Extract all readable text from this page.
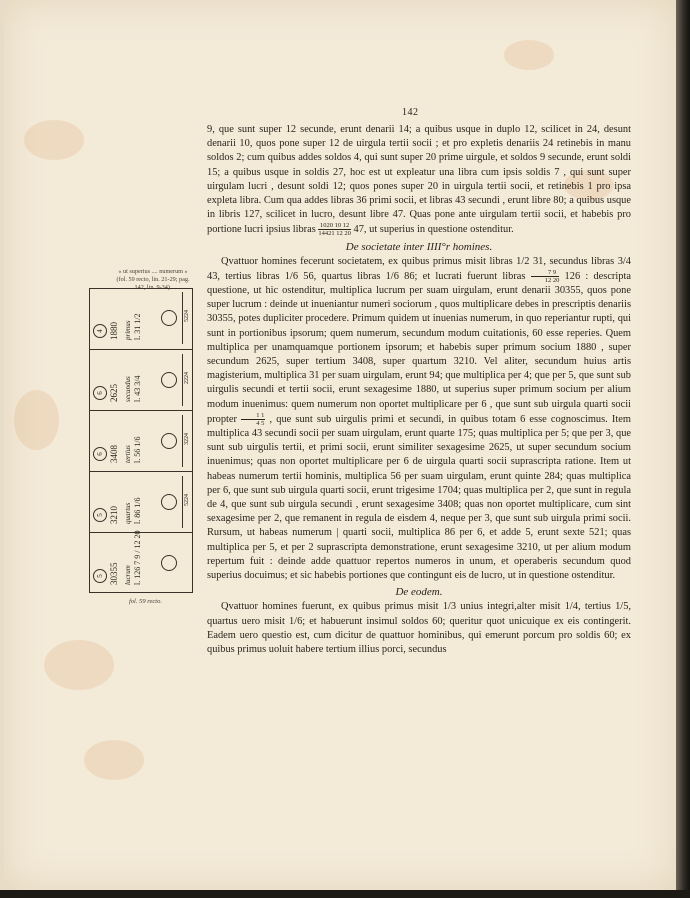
142
« ut superius .... numerum » (fol. 59 recto, lin. 21-29; pag. 142, lin. 9-34).
4 1880 primus l. 31 1/2	5224
6 2625 secundus l. 43 3/4	2224
6 3408 tertius l. 56 1/6	3224
5 3210 quartus l. 86 1/6	5224
5 30355 lucrum l. 126 7 9 / 12 20
fol. 59 recto.

9, que sunt super 12 secunde, erunt denarii 14; a quibus usque in duplo 12, scilicet in 24, desunt denarii 10, quos pone super 12 de uirgula tertii socii ; et pro expletis denariis 24 retinebis in manu soldos 2; cum quibus addes soldos 4, qui sunt super 20 prime uirgule, et soldos 9 secunde, erunt soldi 15; a quibus usque in soldis 27, hoc est ut expleatur una libra cum ipsis soldis 7 , qui sunt super uirgulam lucri , desunt soldi 12; quos pones super 20 in uirgula tertii socii, et retinebis 1 pro ipsa expleta libra. Cum qua addes libras 36 primi socii, et libras 43 secundi , erunt libre 80; a quibus usque in libris 127, scilicet in lucro, desunt libre 47. Quas pone ante uirgulam tertii socii, et habebis pro portione lucri ipsius libras $\frac{1020 10 12}{14421 12 20} 47$, ut superius in questione ostenditur.

De societate inter IIII°r homines.

Qvattuor homines fecerunt societatem, ex quibus primus misit libras 1/2 31, secundus libras 3/4 43, tertius libras 1/6 56, quartus libras 1/6 86; et lucrati fuerunt libras $\frac{7 9}{12 20} 126$ : descripta questione, ut hic ostenditur, multiplica lucrum per suam uirgulam, erunt denarii 30355, quos pone super lucrum : deinde ut inueniantur numeri sociorum , quos multiplicare debes in prescriptis denariis 30355, potes dupliciter procedere. Primum quidem ut inuenias numerum, in quo reperiantur rupti, qui sunt in portionibus ipsorum; quem numerum, secundum modum cuitationis, 60 esse reperies. Quem multiplica per unamquamque portionem ipsorum; et habebis super primum socium 1880 , super secundum 2625, super tertium 3408, super quartum 3210. Vel aliter, secundum huius artis magisterium, multiplica 31 per suam uirgulam, erunt 94; que multiplica per 4; que per 5, que sunt sub uirgulis secundi et tertii socii, erunt sexagesime 1880, ut superius super primum socium per alium modum inuenimus: quem numerum non oportet multiplicare per 6 , que sunt sub uirgula quarti socii propter $\frac{1 1}{4 5}$ , que sunt sub uirgulis primi et secundi, in quibus totam 6 esse cognoscimus. Item multiplica 43 secundi socii per suam uirgulam, erunt quarte 175; quas multiplica per 5; que per 3, que sunt sub uirgulis tertii, et primi socii, erunt similiter sexagesime 2625, ut super secundum socium inuenimus; quas non oportet multiplicare per 6 de uirgula quarti socii suprascripta ratione. Item ut habeas numerum tertii hominis, multiplica 56 per suam uirgulam, erunt quinte 284; quas multiplica per 6, que sunt sub uirgula quarti socii, erunt trigesime 1704; quas multiplica per 2, que sunt in regula de 4, que sunt sub uirgula secundi , erunt sexagesime 3408; quas non oportet multiplicare, cum sint sexagesime per 2, que remanent in regula de eisdem 4, neque per 3, que sunt sub uirgula primi socii. Rursum, ut habeas numerum | quarti socii, multiplica 86 per 6, et adde 5, erunt sexte 521; quas multiplica per 5, et per 2 suprascripta demonstratione, erunt sexagesime 3210, ut per alium modum repertum fuit : deinde adde quattuor repertos numeros in unum, et operaberis secundum quod superius docuimus; et sic habebis portiones que contingunt eis de lucro, ut in questione ostenditur.

De eodem.

Qvattuor homines fuerunt, ex quibus primus misit 1/3 unius integri,alter misit 1/4, tertius 1/5, quartus uero misit 1/6; et habuerunt insimul soldos 60; queritur quot unicuique ex eis contingerit. Eadem uero questio est, cum dicitur de quattuor hominibus, qui emerunt porcum pro soldis 60; ex quibus primus uoluit habere tertium illius porci, secundus
